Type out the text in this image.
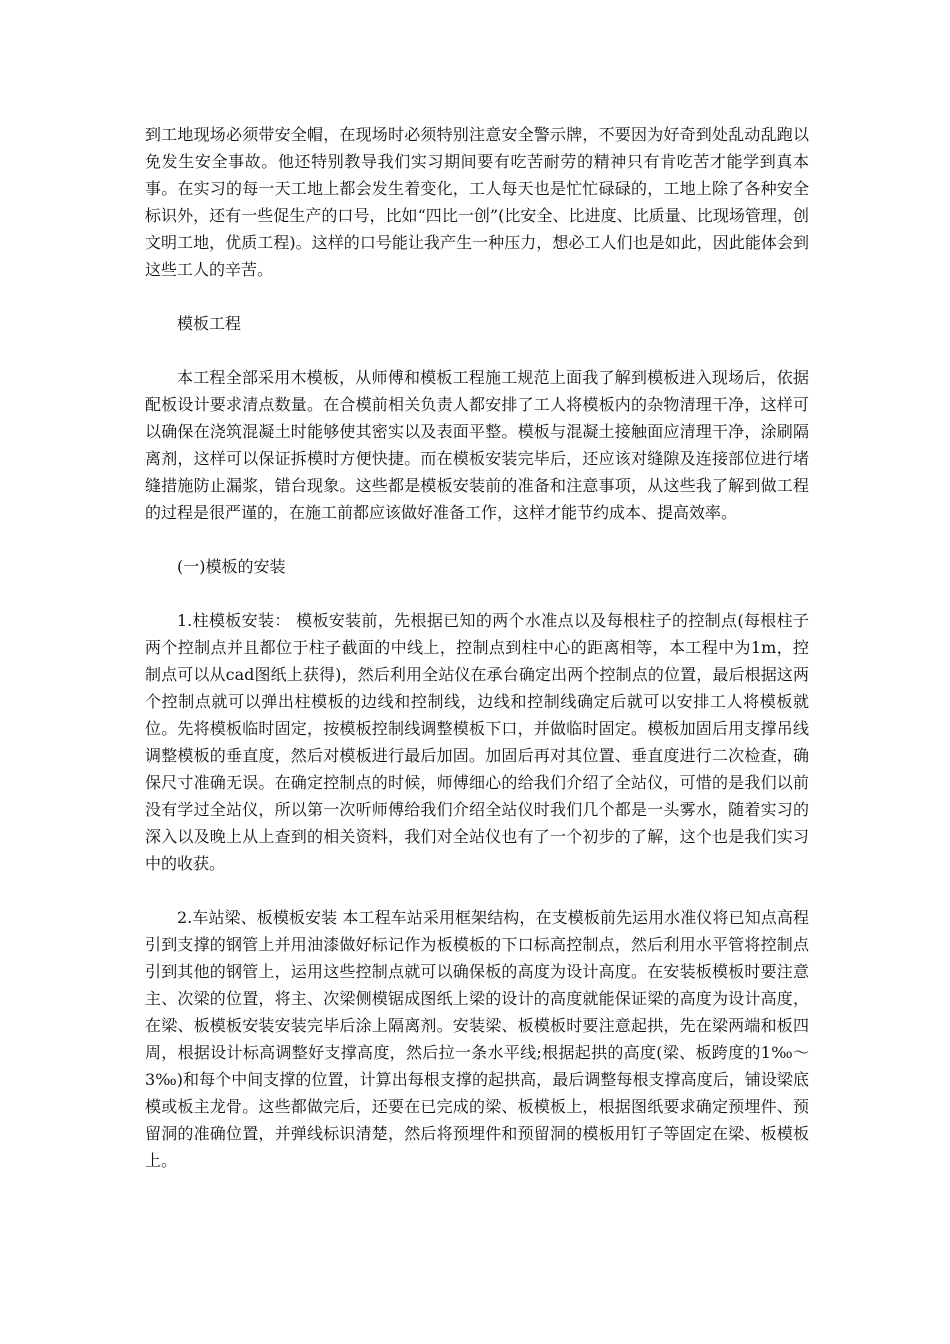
到工地现场必须带安全帽，在现场时必须特别注意安全警示牌，不要因为好奇到处乱动乱跑以免发生安全事故。他还特别教导我们实习期间要有吃苦耐劳的精神只有肯吃苦才能学到真本事。在实习的每一天工地上都会发生着变化，工人每天也是忙忙碌碌的，工地上除了各种安全标识外，还有一些促生产的口号，比如“四比一创”(比安全、比进度、比质量、比现场管理，创文明工地，优质工程)。这样的口号能让我产生一种压力，想必工人们也是如此，因此能体会到这些工人的辛苦。

模板工程

本工程全部采用木模板，从师傅和模板工程施工规范上面我了解到模板进入现场后，依据配板设计要求清点数量。在合模前相关负责人都安排了工人将模板内的杂物清理干净，这样可以确保在浇筑混凝土时能够使其密实以及表面平整。模板与混凝土接触面应清理干净，涂刷隔离剂，这样可以保证拆模时方便快捷。而在模板安装完毕后，还应该对缝隙及连接部位进行堵缝措施防止漏浆，错台现象。这些都是模板安装前的准备和注意事项，从这些我了解到做工程的过程是很严谨的，在施工前都应该做好准备工作，这样才能节约成本、提高效率。

(一)模板的安装

1.柱模板安装： 模板安装前，先根据已知的两个水准点以及每根柱子的控制点(每根柱子两个控制点并且都位于柱子截面的中线上，控制点到柱中心的距离相等，本工程中为1m，控制点可以从cad图纸上获得)，然后利用全站仪在承台确定出两个控制点的位置，最后根据这两个控制点就可以弹出柱模板的边线和控制线，边线和控制线确定后就可以安排工人将模板就位。先将模板临时固定，按模板控制线调整模板下口，并做临时固定。模板加固后用支撑吊线调整模板的垂直度，然后对模板进行最后加固。加固后再对其位置、垂直度进行二次检查，确保尺寸准确无误。在确定控制点的时候，师傅细心的给我们介绍了全站仪，可惜的是我们以前没有学过全站仪，所以第一次听师傅给我们介绍全站仪时我们几个都是一头雾水，随着实习的深入以及晚上从上查到的相关资料，我们对全站仪也有了一个初步的了解，这个也是我们实习中的收获。

2.车站梁、板模板安装 本工程车站采用框架结构，在支模板前先运用水准仪将已知点高程引到支撑的钢管上并用油漆做好标记作为板模板的下口标高控制点，然后利用水平管将控制点引到其他的钢管上，运用这些控制点就可以确保板的高度为设计高度。在安装板模板时要注意主、次梁的位置，将主、次梁侧模锯成图纸上梁的设计的高度就能保证梁的高度为设计高度，在梁、板模板安装安装完毕后涂上隔离剂。安装梁、板模板时要注意起拱，先在梁两端和板四周，根据设计标高调整好支撑高度，然后拉一条水平线;根据起拱的高度(梁、板跨度的1‰～3‰)和每个中间支撑的位置，计算出每根支撑的起拱高，最后调整每根支撑高度后，铺设梁底模或板主龙骨。这些都做完后，还要在已完成的梁、板模板上，根据图纸要求确定预埋件、预留洞的准确位置，并弹线标识清楚，然后将预埋件和预留洞的模板用钉子等固定在梁、板模板上。
